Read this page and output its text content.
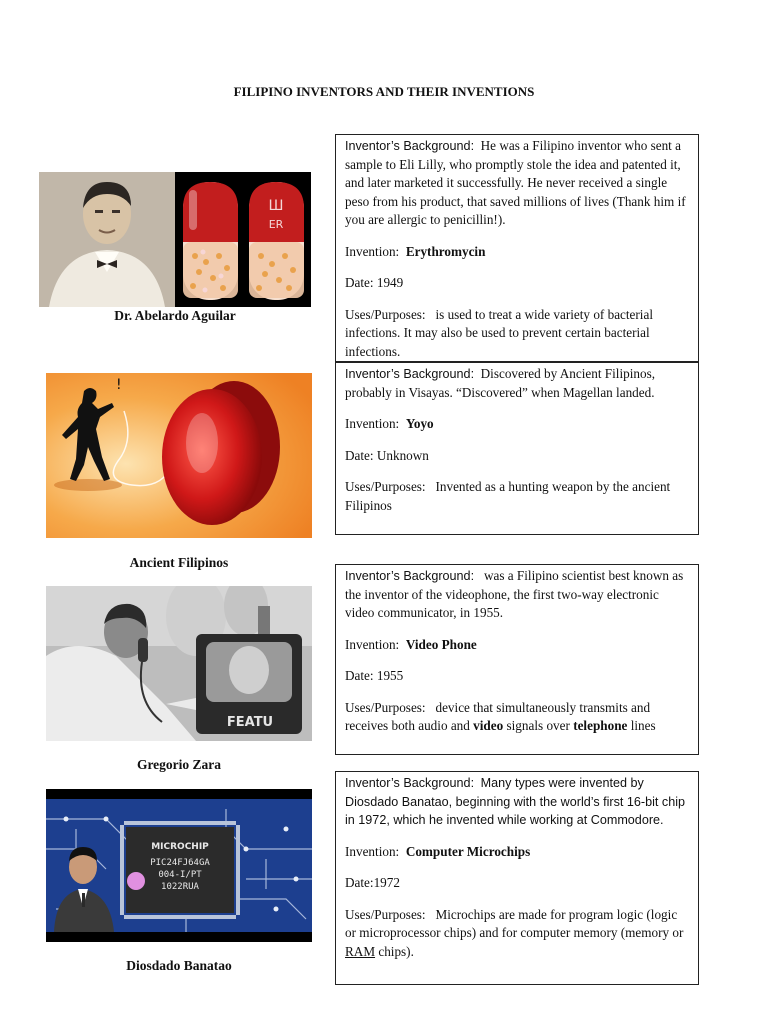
FILIPINO INVENTORS AND THEIR INVENTIONS
Ш
ER
Dr. Abelardo Aguilar

Inventor’s Background: He was a Filipino inventor who sent a sample to Eli Lilly, who promptly stole the idea and patented it, and later marketed it successfully. He never received a single peso from his product, that saved millions of lives (Thank him if you are allergic to penicillin!).

Invention: Erythromycin

Date: 1949

Uses/Purposes: is used to treat a wide variety of bacterial infections. It may also be used to prevent certain bacterial infections.

!
Ancient Filipinos

Inventor’s Background: Discovered by Ancient Filipinos, probably in Visayas. “Discovered” when Magellan landed.

Invention: Yoyo

Date: Unknown

Uses/Purposes: Invented as a hunting weapon by the ancient Filipinos

FEATU
Gregorio Zara

Inventor’s Background: was a Filipino scientist best known as the inventor of the videophone, the first two-way electronic video communicator, in 1955.

Invention: Video Phone

Date: 1955

Uses/Purposes: device that simultaneously transmits and receives both audio and video signals over telephone lines

MICROCHIP
PIC24FJ64GA
004-I/PT
1022RUA
Diosdado Banatao

Inventor’s Background: Many types were invented by Diosdado Banatao, beginning with the world’s first 16-bit chip in 1972, which he invented while working at Commodore.

Invention: Computer Microchips

Date:1972

Uses/Purposes: Microchips are made for program logic (logic or microprocessor chips) and for computer memory (memory or RAM chips).
